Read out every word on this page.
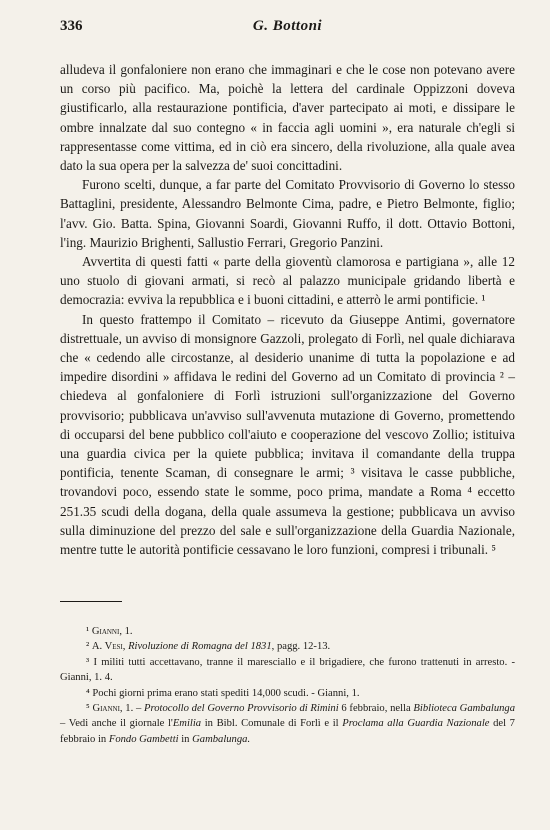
336	G. Bottoni

alludeva il gonfaloniere non erano che immaginari e che le cose non potevano avere un corso più pacifico. Ma, poichè la lettera del cardinale Oppizzoni doveva giustificarlo, alla restaurazione pontificia, d'aver partecipato ai moti, e dissipare le ombre innalzate dal suo contegno « in faccia agli uomini », era naturale ch'egli si rappresentasse come vittima, ed in ciò era sincero, della rivoluzione, alla quale avea dato la sua opera per la salvezza de' suoi concittadini.

Furono scelti, dunque, a far parte del Comitato Provvisorio di Governo lo stesso Battaglini, presidente, Alessandro Belmonte Cima, padre, e Pietro Belmonte, figlio; l'avv. Gio. Batta. Spina, Giovanni Soardi, Giovanni Ruffo, il dott. Ottavio Bottoni, l'ing. Maurizio Brighenti, Sallustio Ferrari, Gregorio Panzini.

Avvertita di questi fatti « parte della gioventù clamorosa e partigiana », alle 12 uno stuolo di giovani armati, si recò al palazzo municipale gridando libertà e democrazia: evviva la repubblica e i buoni cittadini, e atterrò le armi pontificie. ¹

In questo frattempo il Comitato – ricevuto da Giuseppe Antimi, governatore distrettuale, un avviso di monsignore Gazzoli, prolegato di Forlì, nel quale dichiarava che « cedendo alle circostanze, al desiderio unanime di tutta la popolazione e ad impedire disordini » affidava le redini del Governo ad un Comitato di provincia ² – chiedeva al gonfaloniere di Forlì istruzioni sull'organizzazione del Governo provvisorio; pubblicava un'avviso sull'avvenuta mutazione di Governo, promettendo di occuparsi del bene pubblico coll'aiuto e cooperazione del vescovo Zollio; istituiva una guardia civica per la quiete pubblica; invitava il comandante della truppa pontificia, tenente Scaman, di consegnare le armi; ³ visitava le casse pubbliche, trovandovi poco, essendo state le somme, poco prima, mandate a Roma ⁴ eccetto 251.35 scudi della dogana, della quale assumeva la gestione; pubblicava un avviso sulla diminuzione del prezzo del sale e sull'organizzazione della Guardia Nazionale, mentre tutte le autorità pontificie cessavano le loro funzioni, compresi i tribunali. ⁵

¹ Gianni, 1.

² A. Vesi, Rivoluzione di Romagna del 1831, pagg. 12-13.

³ I militi tutti accettavano, tranne il maresciallo e il brigadiere, che furono trattenuti in arresto. - Gianni, 1. 4.

⁴ Pochi giorni prima erano stati spediti 14,000 scudi. - Gianni, 1.

⁵ Gianni, 1. – Protocollo del Governo Provvisorio di Rimini 6 febbraio, nella Biblioteca Gambalunga – Vedi anche il giornale l'Emilia in Bibl. Comunale di Forlì e il Proclama alla Guardia Nazionale del 7 febbraio in Fondo Gambetti in Gambalunga.
